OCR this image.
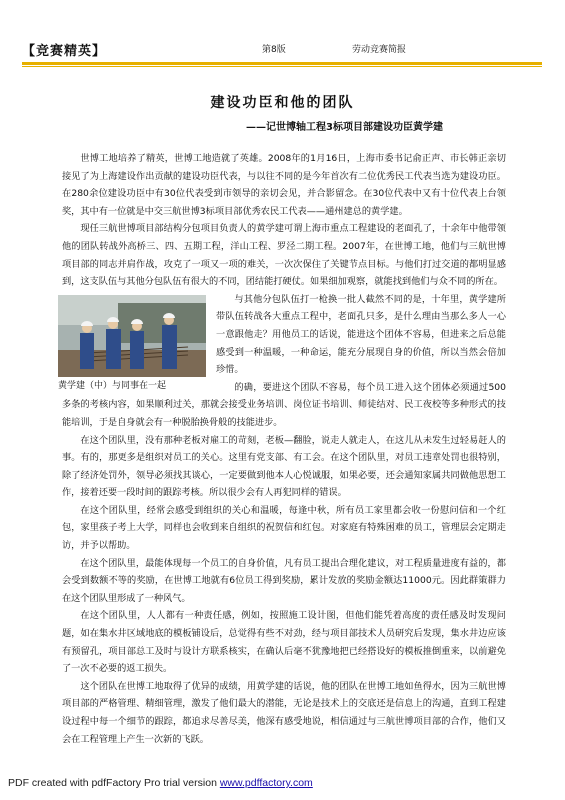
【竞赛精英】	第8版	劳动竞赛简报
建设功臣和他的团队
——记世博轴工程3标项目部建设功臣黄学建

世博工地培养了精英，世博工地造就了英雄。2008年的1月16日，上海市委书记俞正声、市长韩正亲切接见了为上海建设作出贡献的建设功臣代表，与以往不同的是今年首次有二位优秀民工代表当选为建设功臣。在280余位建设功臣中有30位代表受到市领导的亲切会见，并合影留念。在30位代表中又有十位代表上台领奖，其中有一位就是中交三航世博3标项目部优秀农民工代表——通州建总的黄学建。

现任三航世博项目部结构分包项目负责人的黄学建可谓上海市重点工程建设的老面孔了，十余年中他带领他的团队转战外高桥三、四、五期工程，洋山工程、罗泾二期工程。2007年，在世博工地，他们与三航世博项目部的同志并肩作战，攻克了一项又一项的难关，一次次保住了关键节点目标。与他们打过交道的都明显感到，这支队伍与其他分包队伍有很大的不同，团结能打硬仗。如果细加观察，就能找到他们与众不同的所在。

黄学建（中）与同事在一起

与其他分包队伍打一枪换一批人截然不同的是，十年里，黄学建所带队伍转战各大重点工程中，老面孔只多，是什么理由当那么多人一心一意跟他走？用他员工的话说，能进这个团体不容易，但进来之后总能感受到一种温暖，一种命运，能充分展现自身的价值，所以当然会倍加珍惜。

的确，要进这个团队不容易，每个员工进入这个团体必须通过500多条的考核内容，如果顺利过关，那就会接受业务培训、岗位证书培训、师徒结对、民工夜校等多种形式的技能培训，于是自身就会有一种脱胎换骨般的技能进步。

在这个团队里，没有那种老板对雇工的苛刻，老板—翻脸，说走人就走人，在这儿从未发生过轻易赶人的事。有的，那更多是组织对员工的关心。这里有党支部、有工会。在这个团队里，对员工违章处罚也很特别，除了经济处罚外，领导必须找其谈心，一定要做到他本人心悦诚服，如果必要，还会通知家属共同做他思想工作，接着还要一段时间的跟踪考核。所以很少会有人再犯同样的错误。

在这个团队里，经常会感受到组织的关心和温暖，每逢中秋，所有员工家里都会收一份慰问信和一个红包，家里孩子考上大学，同样也会收到来自组织的祝贺信和红包。对家庭有特殊困难的员工，管理层会定期走访，并予以帮助。

在这个团队里，最能体现每一个员工的自身价值，凡有员工提出合理化建议，对工程质量进度有益的，都会受到数额不等的奖励，在世博工地就有6位员工得到奖励，累计发放的奖励金额达11000元。因此群策群力在这个团队里形成了一种风气。

在这个团队里，人人都有一种责任感，例如，按照施工设计图，但他们能凭着高度的责任感及时发现问题，如在集水井区域地底的模板铺设后，总觉得有些不对劲，经与项目部技术人员研究后发现，集水井边应该有预留孔，项目部总工及时与设计方联系核实，在确认后毫不犹豫地把已经搭设好的模板推倒重来，以前避免了一次不必要的返工损失。

这个团队在世博工地取得了优异的成绩，用黄学建的话说，他的团队在世博工地如鱼得水，因为三航世博项目部的严格管理、精细管理，激发了他们最大的潜能，无论是技术上的交底还是信息上的沟通，直到工程建设过程中每一个细节的跟踪，都追求尽善尽美，他深有感受地说，相信通过与三航世博项目部的合作，他们又会在工程管理上产生一次新的飞跃。

PDF created with pdfFactory Pro trial version www.pdffactory.com
